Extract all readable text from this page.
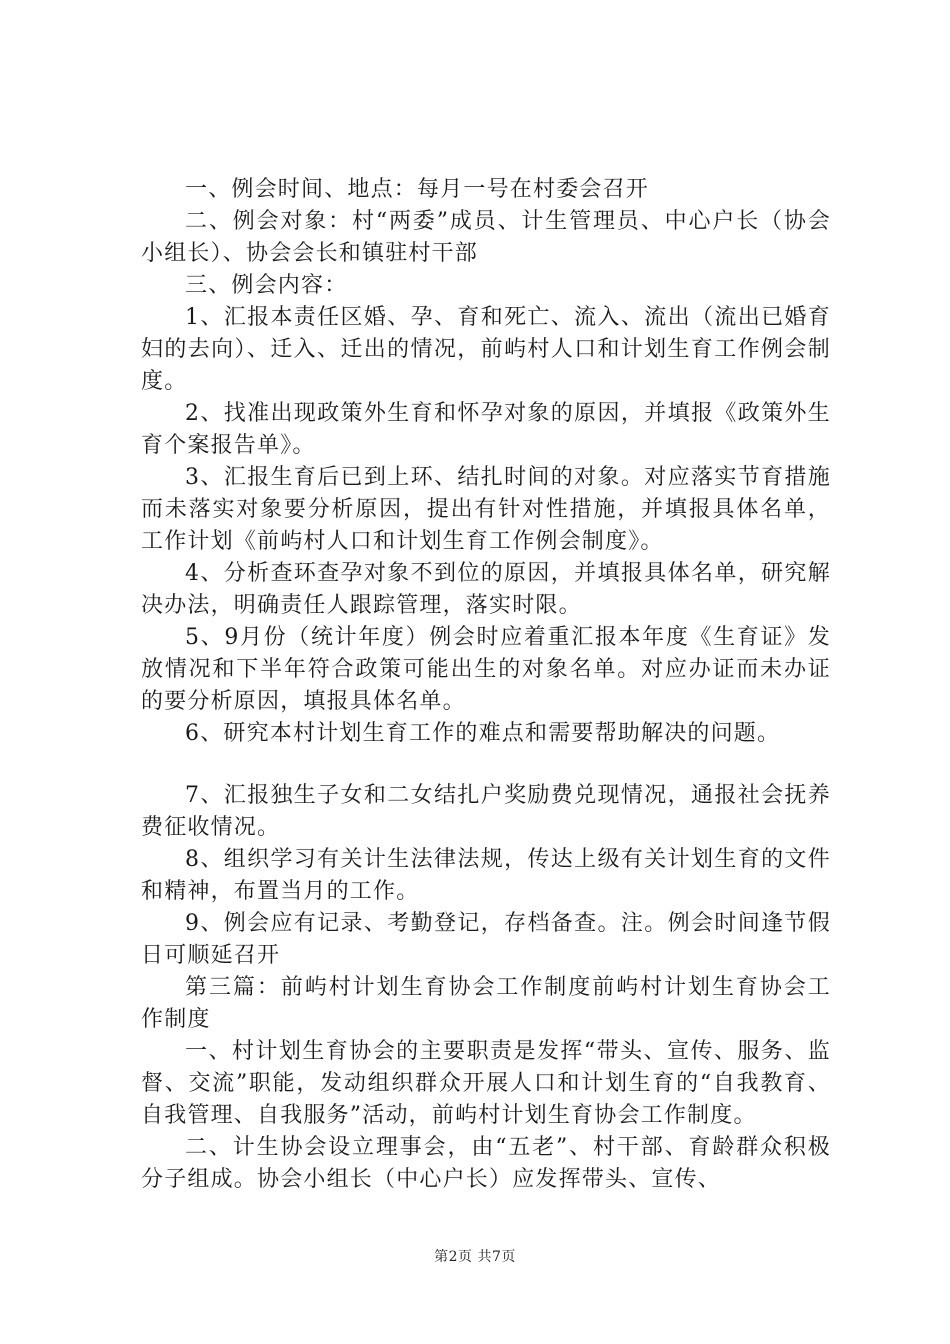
一、例会时间、地点：每月一号在村委会召开

二、例会对象：村“两委”成员、计生管理员、中心户长（协会小组长）、协会会长和镇驻村干部

三、例会内容：

1、汇报本责任区婚、孕、育和死亡、流入、流出（流出已婚育妇的去向）、迁入、迁出的情况，前屿村人口和计划生育工作例会制度。

2、找准出现政策外生育和怀孕对象的原因，并填报《政策外生育个案报告单》。

3、汇报生育后已到上环、结扎时间的对象。对应落实节育措施而未落实对象要分析原因，提出有针对性措施，并填报具体名单，工作计划《前屿村人口和计划生育工作例会制度》。

4、分析查环查孕对象不到位的原因，并填报具体名单，研究解决办法，明确责任人跟踪管理，落实时限。

5、9月份（统计年度）例会时应着重汇报本年度《生育证》发放情况和下半年符合政策可能出生的对象名单。对应办证而未办证的要分析原因，填报具体名单。

6、研究本村计划生育工作的难点和需要帮助解决的问题。

7、汇报独生子女和二女结扎户奖励费兑现情况，通报社会抚养费征收情况。

8、组织学习有关计生法律法规，传达上级有关计划生育的文件和精神，布置当月的工作。

9、例会应有记录、考勤登记，存档备查。注。例会时间逢节假日可顺延召开

第三篇：前屿村计划生育协会工作制度前屿村计划生育协会工作制度

一、村计划生育协会的主要职责是发挥“带头、宣传、服务、监督、交流”职能，发动组织群众开展人口和计划生育的“自我教育、自我管理、自我服务”活动，前屿村计划生育协会工作制度。

二、计生协会设立理事会，由“五老”、村干部、育龄群众积极分子组成。协会小组长（中心户长）应发挥带头、宣传、

第2页 共7页
